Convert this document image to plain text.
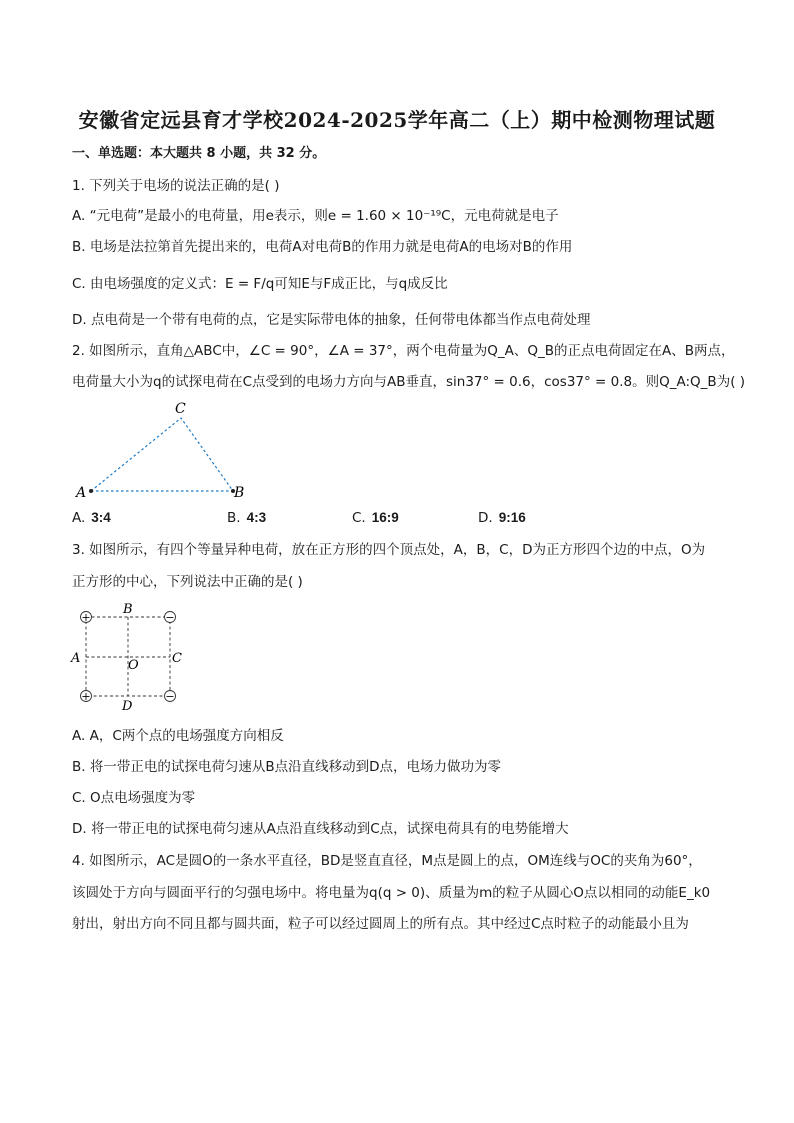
安徽省定远县育才学校2024-2025学年高二（上）期中检测物理试题
一、单选题：本大题共 8 小题，共 32 分。
1. 下列关于电场的说法正确的是( )
A. “元电荷”是最小的电荷量，用e表示，则e = 1.60 × 10⁻¹⁹C，元电荷就是电子
B. 电场是法拉第首先提出来的，电荷A对电荷B的作用力就是电荷A的电场对B的作用
C. 由电场强度的定义式：E = F/q可知E与F成正比，与q成反比
D. 点电荷是一个带有电荷的点，它是实际带电体的抽象，任何带电体都当作点电荷处理
2. 如图所示，直角△ABC中，∠C = 90°，∠A = 37°，两个电荷量为Q_A、Q_B的正点电荷固定在A、B两点，
电荷量大小为q的试探电荷在C点受到的电场力方向与AB垂直，sin37° = 0.6，cos37° = 0.8。则Q_A:Q_B为( )
A	B
C
A. 3:4	B. 4:3	C. 16:9	D. 9:16
3. 如图所示，有四个等量异种电荷，放在正方形的四个顶点处，A，B，C，D为正方形四个边的中点，O为
正方形的中心，下列说法中正确的是( )
+	−
+	−
B
A	C
O
D
A. A，C两个点的电场强度方向相反
B. 将一带正电的试探电荷匀速从B点沿直线移动到D点，电场力做功为零
C. O点电场强度为零
D. 将一带正电的试探电荷匀速从A点沿直线移动到C点，试探电荷具有的电势能增大
4. 如图所示，AC是圆O的一条水平直径，BD是竖直直径，M点是圆上的点，OM连线与OC的夹角为60°，
该圆处于方向与圆面平行的匀强电场中。将电量为q(q > 0)、质量为m的粒子从圆心O点以相同的动能E_k0
射出，射出方向不同且都与圆共面，粒子可以经过圆周上的所有点。其中经过C点时粒子的动能最小且为
